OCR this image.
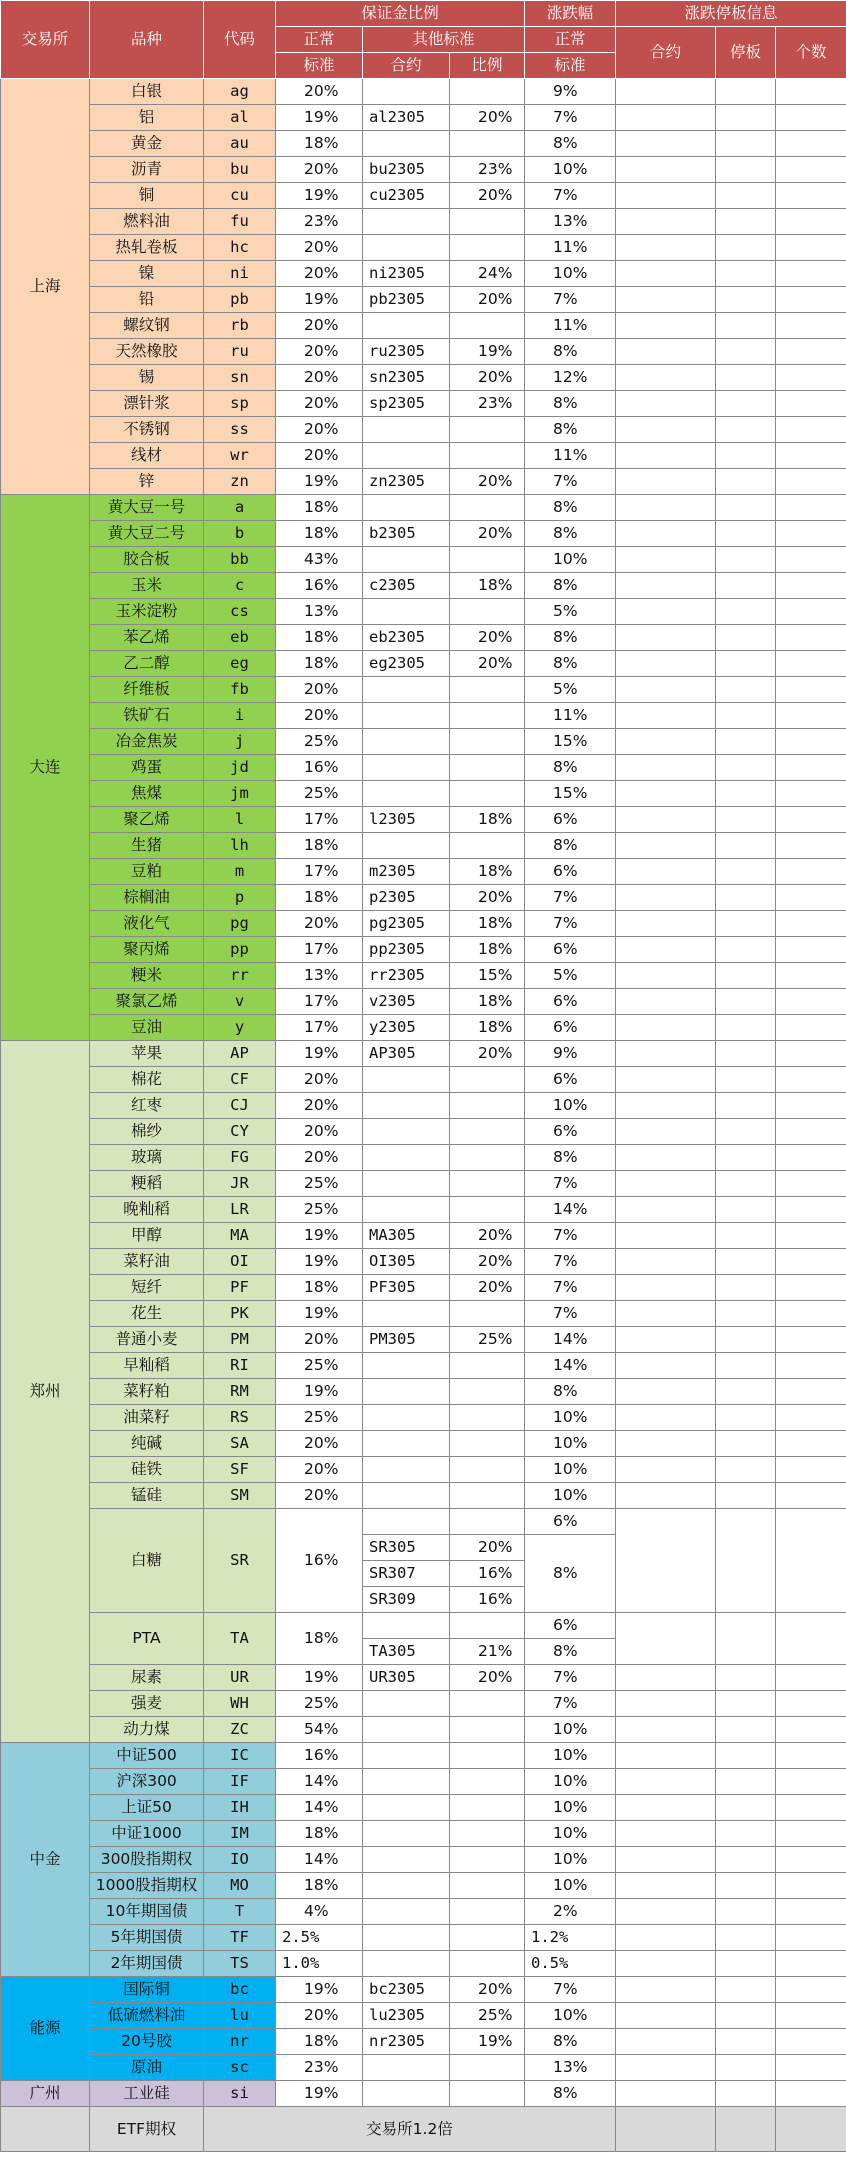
交易所	品种	代码	保证金比例			涨跌幅	涨跌停板信息		
			正常	其他标准		正常	合约	停板	个数
			标准	合约	比例	标准			
上海	白银	ag	20%			9%			
	铝	al	19%	al2305	20%	7%			
	黄金	au	18%			8%			
	沥青	bu	20%	bu2305	23%	10%			
	铜	cu	19%	cu2305	20%	7%			
	燃料油	fu	23%			13%			
	热轧卷板	hc	20%			11%			
	镍	ni	20%	ni2305	24%	10%			
	铅	pb	19%	pb2305	20%	7%			
	螺纹钢	rb	20%			11%			
	天然橡胶	ru	20%	ru2305	19%	8%			
	锡	sn	20%	sn2305	20%	12%			
	漂针浆	sp	20%	sp2305	23%	8%			
	不锈钢	ss	20%			8%			
	线材	wr	20%			11%			
	锌	zn	19%	zn2305	20%	7%			
大连	黄大豆一号	a	18%			8%			
	黄大豆二号	b	18%	b2305	20%	8%			
	胶合板	bb	43%			10%			
	玉米	c	16%	c2305	18%	8%			
	玉米淀粉	cs	13%			5%			
	苯乙烯	eb	18%	eb2305	20%	8%			
	乙二醇	eg	18%	eg2305	20%	8%			
	纤维板	fb	20%			5%			
	铁矿石	i	20%			11%			
	冶金焦炭	j	25%			15%			
	鸡蛋	jd	16%			8%			
	焦煤	jm	25%			15%			
	聚乙烯	l	17%	l2305	18%	6%			
	生猪	lh	18%			8%			
	豆粕	m	17%	m2305	18%	6%			
	棕榈油	p	18%	p2305	20%	7%			
	液化气	pg	20%	pg2305	18%	7%			
	聚丙烯	pp	17%	pp2305	18%	6%			
	粳米	rr	13%	rr2305	15%	5%			
	聚氯乙烯	v	17%	v2305	18%	6%			
	豆油	y	17%	y2305	18%	6%			
郑州	苹果	AP	19%	AP305	20%	9%			
	棉花	CF	20%			6%			
	红枣	CJ	20%			10%			
	棉纱	CY	20%			6%			
	玻璃	FG	20%			8%			
	粳稻	JR	25%			7%			
	晚籼稻	LR	25%			14%			
	甲醇	MA	19%	MA305	20%	7%			
	菜籽油	OI	19%	OI305	20%	7%			
	短纤	PF	18%	PF305	20%	7%			
	花生	PK	19%			7%			
	普通小麦	PM	20%	PM305	25%	14%			
	早籼稻	RI	25%			14%			
	菜籽粕	RM	19%			8%			
	油菜籽	RS	25%			10%			
	纯碱	SA	20%			10%			
	硅铁	SF	20%			10%			
	锰硅	SM	20%			10%			
	白糖	SR	16%			6%			
				SR305	20%	8%			
				SR307	16%				
				SR309	16%				
	PTA	TA	18%			6%			
				TA305	21%	8%			
	尿素	UR	19%	UR305	20%	7%			
	强麦	WH	25%			7%			
	动力煤	ZC	54%			10%			
中金	中证500	IC	16%			10%			
	沪深300	IF	14%			10%			
	上证50	IH	14%			10%			
	中证1000	IM	18%			10%			
	300股指期权	IO	14%			10%			
	1000股指期权	MO	18%			10%			
	10年期国债	T	4%			2%			
	5年期国债	TF	2.5%			1.2%			
	2年期国债	TS	1.0%			0.5%			
能源	国际铜	bc	19%	bc2305	20%	7%			
	低硫燃料油	lu	20%	lu2305	25%	10%			
	20号胶	nr	18%	nr2305	19%	8%			
	原油	sc	23%			13%			
广州	工业硅	si	19%			8%			
	ETF期权	交易所1.2倍							
